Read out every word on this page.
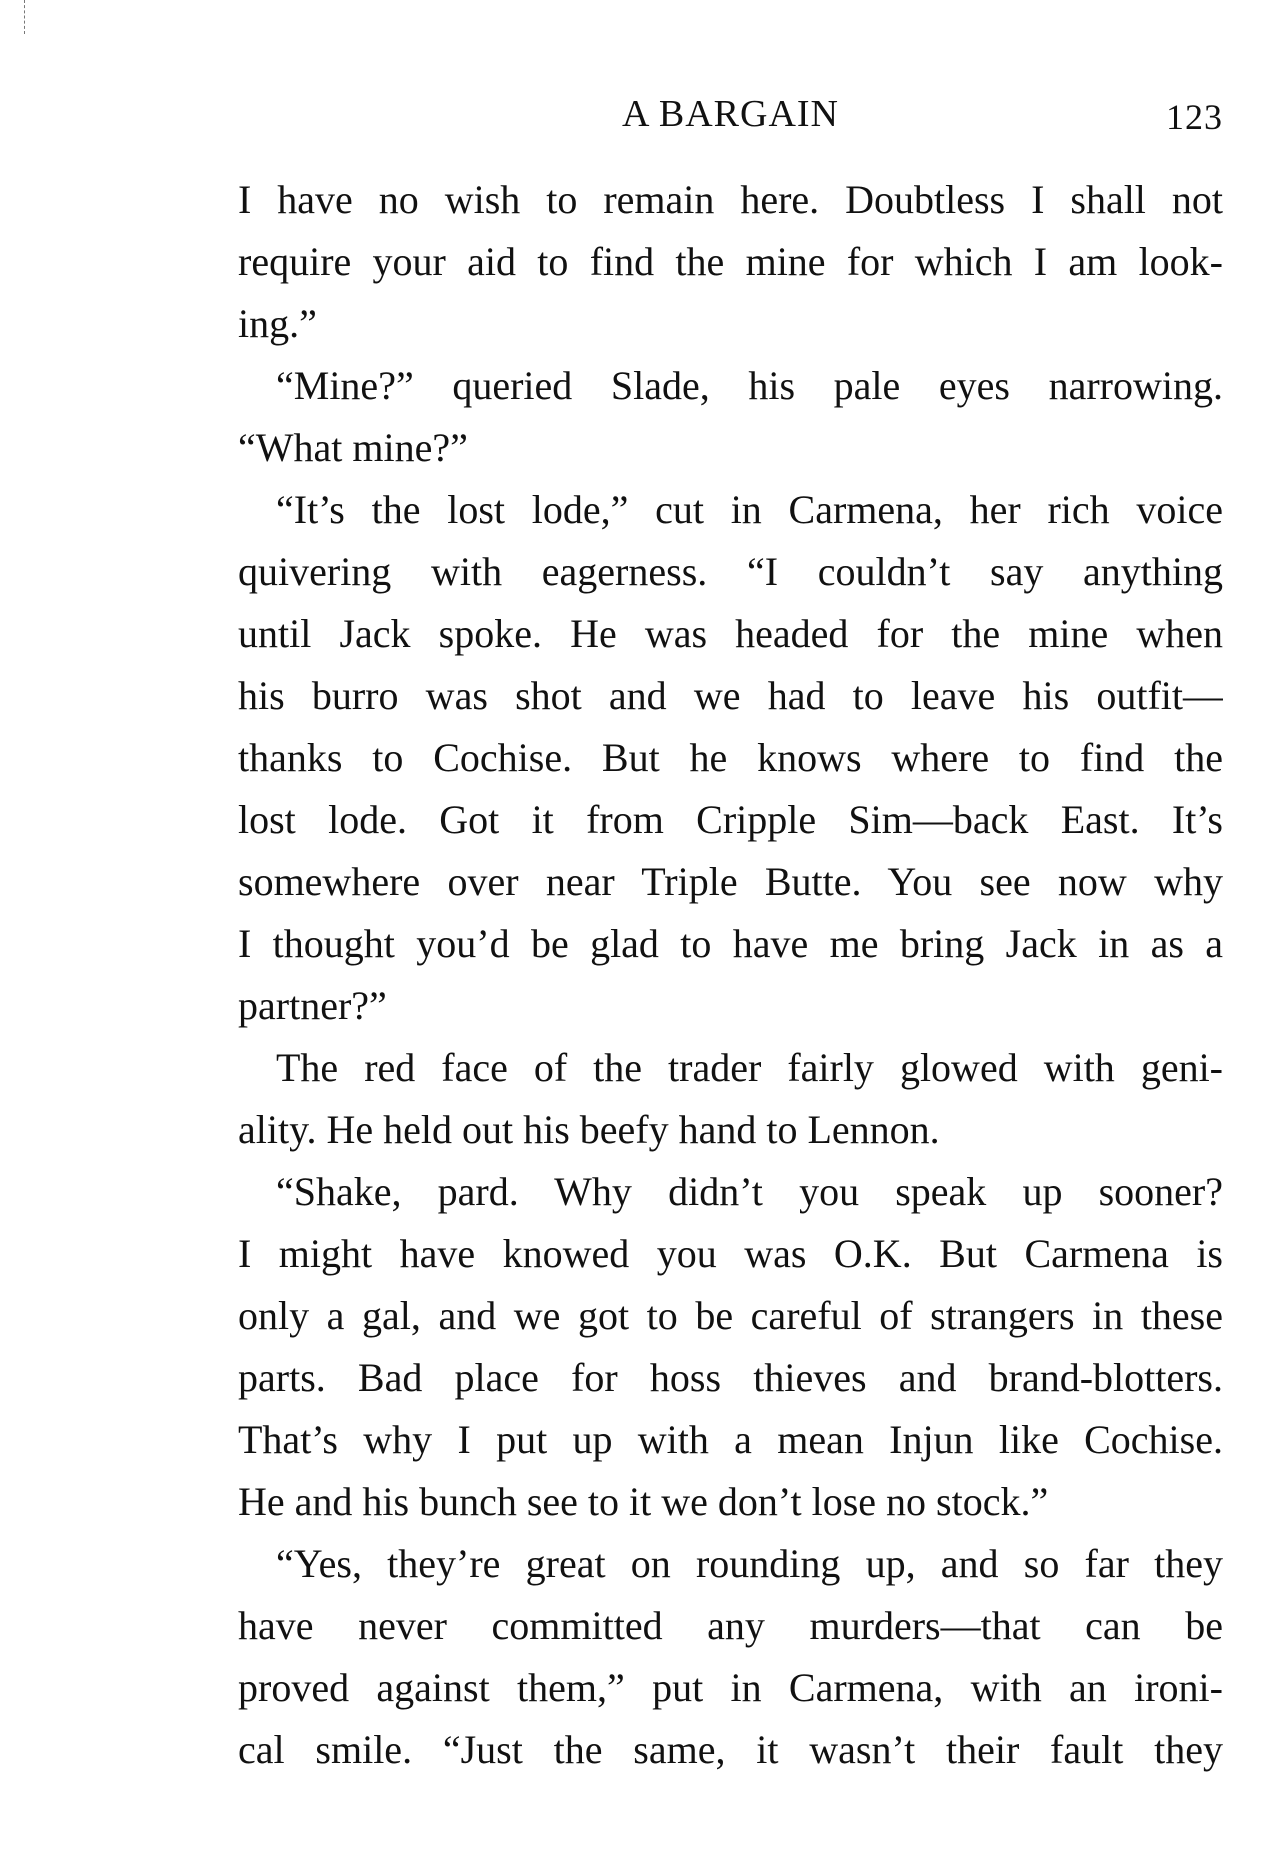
A BARGAIN	123
I have no wish to remain here. Doubtless I shall not
require your aid to find the mine for which I am look-
ing.”
“Mine?” queried Slade, his pale eyes narrowing.
“What mine?”
“It’s the lost lode,” cut in Carmena, her rich voice
quivering with eagerness. “I couldn’t say anything
until Jack spoke. He was headed for the mine when
his burro was shot and we had to leave his outfit—
thanks to Cochise. But he knows where to find the
lost lode. Got it from Cripple Sim—back East. It’s
somewhere over near Triple Butte. You see now why
I thought you’d be glad to have me bring Jack in as a
partner?”
The red face of the trader fairly glowed with geni-
ality. He held out his beefy hand to Lennon.
“Shake, pard. Why didn’t you speak up sooner?
I might have knowed you was O.K. But Carmena is
only a gal, and we got to be careful of strangers in these
parts. Bad place for hoss thieves and brand-blotters.
That’s why I put up with a mean Injun like Cochise.
He and his bunch see to it we don’t lose no stock.”
“Yes, they’re great on rounding up, and so far they
have never committed any murders—that can be
proved against them,” put in Carmena, with an ironi-
cal smile. “Just the same, it wasn’t their fault they
